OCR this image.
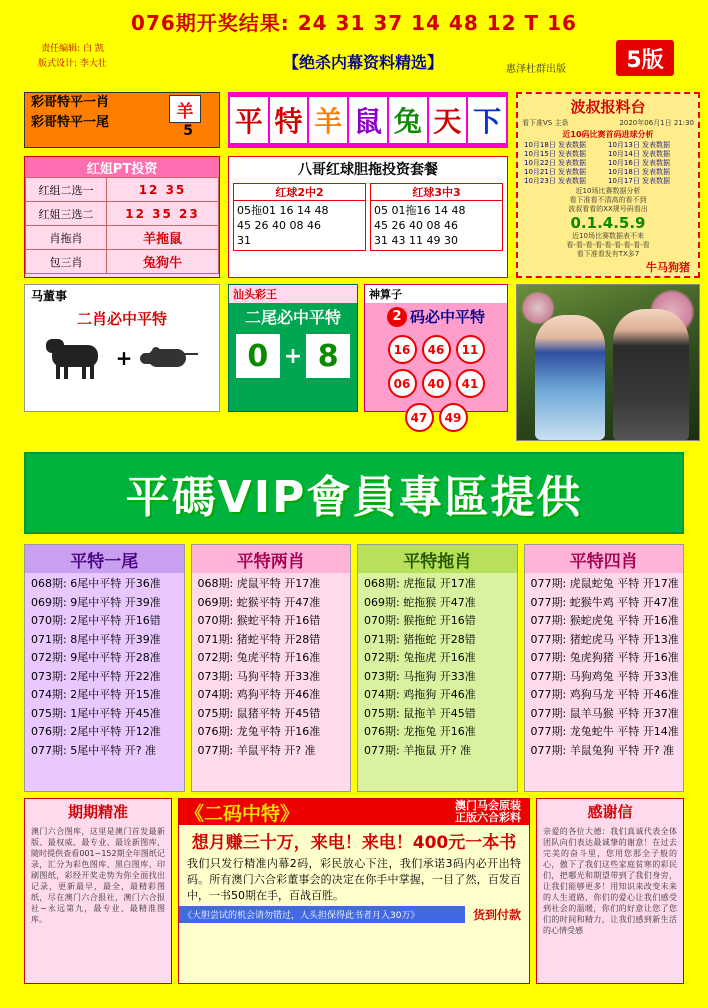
076期开奖结果: 24 31 37 14 48 12 T 16
责任编辑: 白 凯
版式设计: 李大壮	【绝杀内幕资料精选】	惠泽杜群出版	5版
彩哥特平一肖
彩哥特平一尾
羊
5
红姐PT投资
红组二选一	12 35
红姐三选二	12 35 23
肖拖肖	羊拖鼠
包三肖	兔狗牛
马董事
二肖必中平特
+
平 特 羊 鼠 兔 天 下
八哥红球胆拖投资套餐
红球2中2
05拖01 16 14 48
45 26 40 08 46
31
红球3中3
05 01拖16 14 48
45 26 40 08 46
31 43 11 49 30
汕头彩王
二尾必中平特
0 + 8
神算子
2 码必中平特
16	46	11
06	40	41
47	49
波叔报料台
看下准VS 主条	2020年06月1日 21:30
近10码比赛首码进球分析
10月18日 发表数据	10月13日 发表数据
10月15日 发表数据	10月14日 发表数据
10月22日 发表数据	10月16日 发表数据
10月21日 发表数据	10月18日 发表数据
10月23日 发表数据	10月17日 发表数据
近10场比赛数据分析
看下准看不清高的看不到
波叔看看的XX规号码看出
0.1.4.5.9
近10场比赛数据表不来
看-看-看-看-看-看-看-看-看
看下准看发有TX多7
牛马狗猪
平碼VIP會員專區提供
平特一尾
068期: 6尾中平特 开36准
069期: 9尾中平特 开39准
070期: 2尾中平特 开16错
071期: 8尾中平特 开39准
072期: 9尾中平特 开28准
073期: 2尾中平特 开22准
074期: 2尾中平特 开15准
075期: 1尾中平特 开45准
076期: 2尾中平特 开12准
077期: 5尾中平特 开? 准
平特两肖
068期: 虎鼠平特 开17准
069期: 蛇猴平特 开47准
070期: 猴蛇平特 开16错
071期: 猪蛇平特 开28错
072期: 兔虎平特 开16准
073期: 马狗平特 开33准
074期: 鸡狗平特 开46准
075期: 鼠猪平特 开45错
076期: 龙兔平特 开16准
077期: 羊鼠平特 开? 准
平特拖肖
068期: 虎拖鼠 开17准
069期: 蛇拖猴 开47准
070期: 猴拖蛇 开16错
071期: 猪拖蛇 开28错
072期: 兔拖虎 开16准
073期: 马拖狗 开33准
074期: 鸡拖狗 开46准
075期: 鼠拖羊 开45错
076期: 龙拖兔 开16准
077期: 羊拖鼠 开? 准
平特四肖
077期: 虎鼠蛇兔 平特 开17准
077期: 蛇猴牛鸡 平特 开47准
077期: 猴蛇虎兔 平特 开16准
077期: 猪蛇虎马 平特 开13准
077期: 兔虎狗猪 平特 开16准
077期: 马狗鸡兔 平特 开33准
077期: 鸡狗马龙 平特 开46准
077期: 鼠羊马猴 平特 开37准
077期: 龙兔蛇牛 平特 开14准
077期: 羊鼠兔狗 平特 开? 准
期期精准
澳门六合图库，这里是澳门首发最新版、最权威、最专业、最诠新图库，随时提供查看001~152期全年图纸记录，汇分为彩色图库、黑白图库、印刷图纸，彩经开奖走势为你全面找出记录，更新最早，最全，最精彩图纸，尽在澳门六合报社，澳门六合报社~永远第九，最专业、最精准图库。
《二码中特》	澳门马会原装
正版六合彩料
想月赚三十万，来电！来电！400元一本书
我们只发行精准内幕2码，彩民放心下注，我们承诺3码内必开出特码。所有澳门六合彩董事会的决定在你手中掌握，一目了然，百发百中，一书50期在手，百战百胜。
《大胆尝试的机会请勿错过，人头担保得此书者月入30万》	货到付款
感谢信
亲爱的各位大德：我们真诚代表全体团队向们表达最诚挚的谢意！在过去完美的奋斗里，您用您那全子般的心，傲下了我们这些家庭贫寒的彩民们，把哪光和期望带到了我们身旁，让我们能够更多！用知识来改变未来的人生道路，你们的爱心让我们感受到社会的温暖，你们的好意让您了您们的时间和精力，让我们感到新生活的心情受感
